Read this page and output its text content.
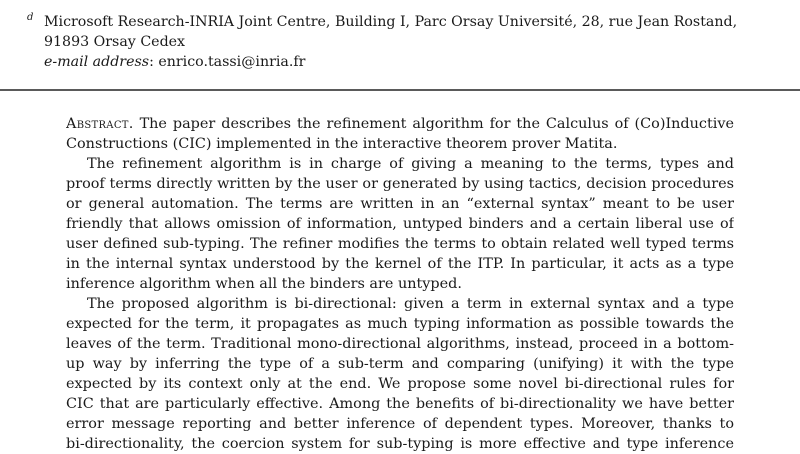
d Microsoft Research-INRIA Joint Centre, Building I, Parc Orsay Université, 28, rue Jean Rostand,
91893 Orsay Cedex
e-mail address: enrico.tassi@inria.fr
Abstract. The paper describes the refinement algorithm for the Calculus of (Co)Inductive
Constructions (CIC) implemented in the interactive theorem prover Matita.
The refinement algorithm is in charge of giving a meaning to the terms, types and
proof terms directly written by the user or generated by using tactics, decision procedures
or general automation. The terms are written in an “external syntax” meant to be user
friendly that allows omission of information, untyped binders and a certain liberal use of
user defined sub-typing. The refiner modifies the terms to obtain related well typed terms
in the internal syntax understood by the kernel of the ITP. In particular, it acts as a type
inference algorithm when all the binders are untyped.
The proposed algorithm is bi-directional: given a term in external syntax and a type
expected for the term, it propagates as much typing information as possible towards the
leaves of the term. Traditional mono-directional algorithms, instead, proceed in a bottom-
up way by inferring the type of a sub-term and comparing (unifying) it with the type
expected by its context only at the end. We propose some novel bi-directional rules for
CIC that are particularly effective. Among the benefits of bi-directionality we have better
error message reporting and better inference of dependent types. Moreover, thanks to
bi-directionality, the coercion system for sub-typing is more effective and type inference
